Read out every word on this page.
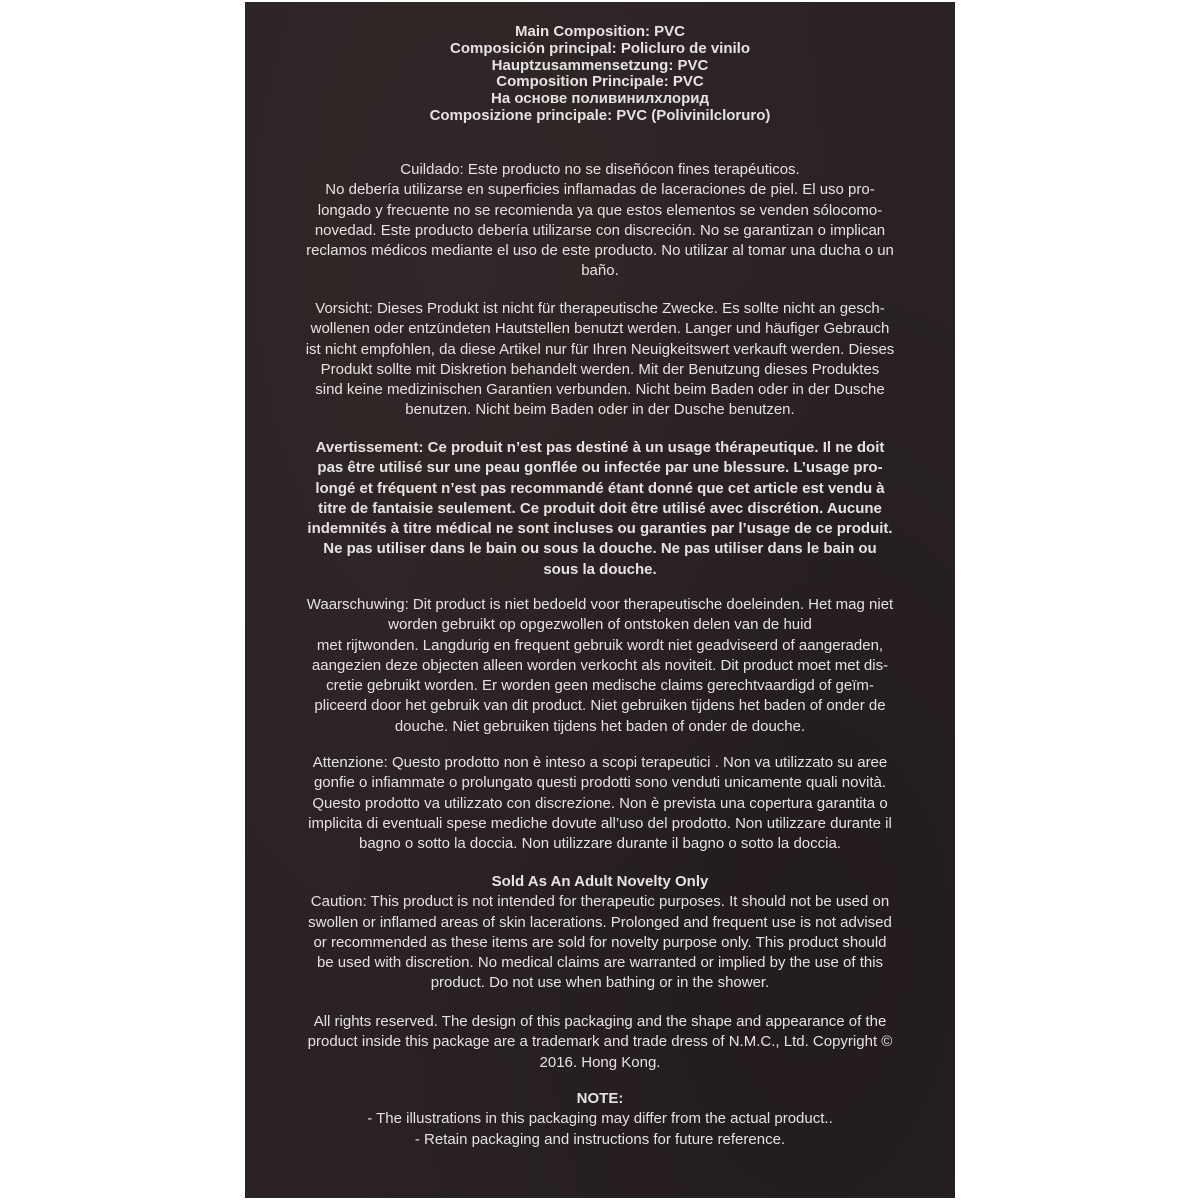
Main Composition: PVC
Composición principal: Policluro de vinilo
Hauptzusammensetzung: PVC
Composition Principale: PVC
На основе поливинилхлорид
Composizione principale: PVC (Polivinilcloruro)
Cuildado: Este producto no se diseñócon fines terapéuticos.
No debería utilizarse en superficies inflamadas de laceraciones de piel. El uso pro-
longado y frecuente no se recomienda ya que estos elementos se venden sólocomo-
novedad. Este producto debería utilizarse con discreción. No se garantizan o implican
reclamos médicos mediante el uso de este producto. No utilizar al tomar una ducha o un
baño.
Vorsicht: Dieses Produkt ist nicht für therapeutische Zwecke. Es sollte nicht an gesch-
wollenen oder entzündeten Hautstellen benutzt werden. Langer und häufiger Gebrauch
ist nicht empfohlen, da diese Artikel nur für Ihren Neuigkeitswert verkauft werden. Dieses
Produkt sollte mit Diskretion behandelt werden. Mit der Benutzung dieses Produktes
sind keine medizinischen Garantien verbunden. Nicht beim Baden oder in der Dusche
benutzen. Nicht beim Baden oder in der Dusche benutzen.
Avertissement: Ce produit n’est pas destiné à un usage thérapeutique. Il ne doit
pas être utilisé sur une peau gonflée ou infectée par une blessure. L’usage pro-
longé et fréquent n’est pas recommandé étant donné que cet article est vendu à
titre de fantaisie seulement. Ce produit doit être utilisé avec discrétion. Aucune
indemnités à titre médical ne sont incluses ou garanties par l’usage de ce produit.
Ne pas utiliser dans le bain ou sous la douche. Ne pas utiliser dans le bain ou
sous la douche.
Waarschuwing: Dit product is niet bedoeld voor therapeutische doeleinden. Het mag niet
worden gebruikt op opgezwollen of ontstoken delen van de huid
met rijtwonden. Langdurig en frequent gebruik wordt niet geadviseerd of aangeraden,
aangezien deze objecten alleen worden verkocht als noviteit. Dit product moet met dis-
cretie gebruikt worden. Er worden geen medische claims gerechtvaardigd of geïm-
pliceerd door het gebruik van dit product. Niet gebruiken tijdens het baden of onder de
douche. Niet gebruiken tijdens het baden of onder de douche.
Attenzione: Questo prodotto non è inteso a scopi terapeutici . Non va utilizzato su aree
gonfie o infiammate o prolungato questi prodotti sono venduti unicamente quali novità.
Questo prodotto va utilizzato con discrezione. Non è prevista una copertura garantita o
implicita di eventuali spese mediche dovute all’uso del prodotto. Non utilizzare durante il
bagno o sotto la doccia. Non utilizzare durante il bagno o sotto la doccia.
Sold As An Adult Novelty Only
Caution: This product is not intended for therapeutic purposes. It should not be used on
swollen or inflamed areas of skin lacerations. Prolonged and frequent use is not advised
or recommended as these items are sold for novelty purpose only. This product should
be used with discretion. No medical claims are warranted or implied by the use of this
product. Do not use when bathing or in the shower.
All rights reserved. The design of this packaging and the shape and appearance of the
product inside this package are a trademark and trade dress of N.M.C., Ltd. Copyright ©
2016. Hong Kong.
NOTE:
- The illustrations in this packaging may differ from the actual product..
- Retain packaging and instructions for future reference.
